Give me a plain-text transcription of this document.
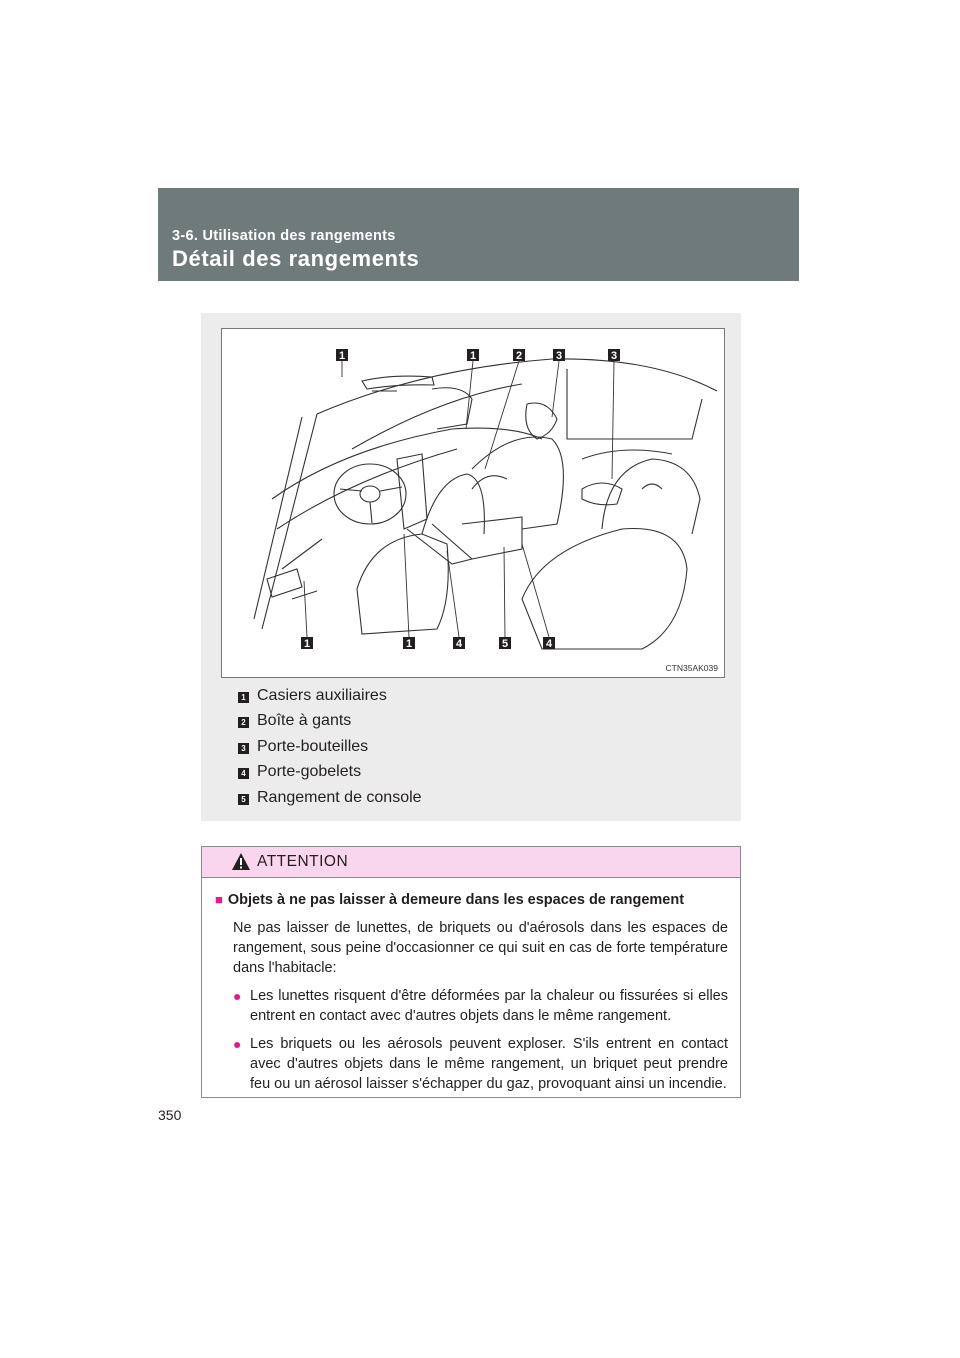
3-6. Utilisation des rangements
Détail des rangements
1	1	2	3	3
1	1	4	5	4
CTN35AK039
1 Casiers auxiliaires
2 Boîte à gants
3 Porte-bouteilles
4 Porte-gobelets
5 Rangement de console
ATTENTION
■ Objets à ne pas laisser à demeure dans les espaces de rangement
Ne pas laisser de lunettes, de briquets ou d'aérosols dans les espaces de rangement, sous peine d'occasionner ce qui suit en cas de forte température dans l'habitacle:
● Les lunettes risquent d'être déformées par la chaleur ou fissurées si elles entrent en contact avec d'autres objets dans le même rangement.
● Les briquets ou les aérosols peuvent exploser. S'ils entrent en contact avec d'autres objets dans le même rangement, un briquet peut prendre feu ou un aérosol laisser s'échapper du gaz, provoquant ainsi un incendie.
350
